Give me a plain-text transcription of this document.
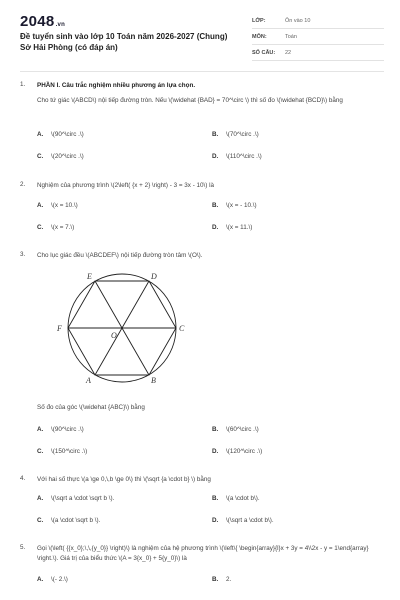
2048.vn
Đề tuyển sinh vào lớp 10 Toán năm 2026-2027 (Chung) Sở Hải Phòng (có đáp án)
LỚP:	Ôn vào 10
MÔN:	Toán
SỐ CÂU:	22
1. PHẦN I. Câu trắc nghiệm nhiều phương án lựa chọn.
Cho tứ giác \(ABCD\) nội tiếp đường tròn. Nếu \(\widehat {BAD} = 70^\circ \) thì số đo \(\widehat {BCD}\) bằng
A. \(90^\circ .\)	B. \(70^\circ .\)
C. \(20^\circ .\)	D. \(110^\circ .\)
2. Nghiệm của phương trình \(2\left( {x + 2} \right) - 3 = 3x - 10\) là
A. \(x = 10.\)	B. \(x = - 10.\)
C. \(x = 7.\)	D. \(x = 11.\)
3. Cho lục giác đều \(ABCDEF\) nội tiếp đường tròn tâm \(O\).
A	B
C
D
E
F
O
Số đo của góc \(\widehat {ABC}\) bằng
A. \(90^\circ .\)	B. \(60^\circ .\)
C. \(150^\circ .\)	D. \(120^\circ .\)
4. Với hai số thực \(a \ge 0,\,b \ge 0\) thì \(\sqrt {a \cdot b} \) bằng
A. \(\sqrt a \cdot \sqrt b \).	B. \(a \cdot b\).
C. \(a \cdot \sqrt b \).	D. \(\sqrt a \cdot b\).
5. Gọi \(\left( {{x_0};\,\,{y_0}} \right)\) là nghiệm của hệ phương trình \(\left\{ \begin{array}{l}x + 3y = 4\\2x - y = 1\end{array} \right.\). Giá trị của biểu thức \(A = 3{x_0} + 5{y_0}\) là
A. \(- 2.\)	B. 2.
